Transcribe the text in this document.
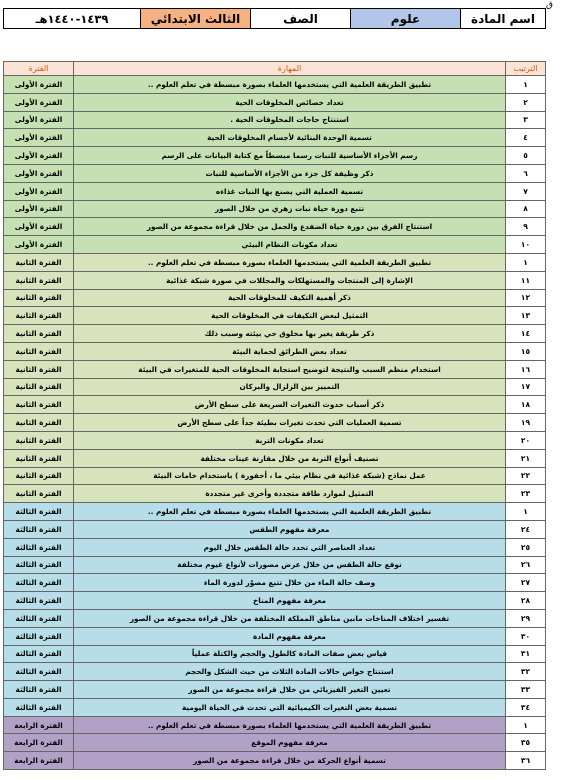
ق
اسم المادة	علوم	الصف	الثالث الابتدائي	١٤٣٩-١٤٤٠هـ
الترتيب	المهارة	الفترة
١	تطبيق الطريقة العلمية التي يستخدمها العلماء بصورة مبسطة في تعلم العلوم ..	الفترة الأولى
٢	تعداد خصائص المخلوقات الحية	الفترة الأولى
٣	استنتاج حاجات المخلوقات الحية .	الفترة الأولى
٤	تسمية الوحدة البنائية لأجسام المخلوقات الحية	الفترة الأولى
٥	رسم الأجزاء الأساسية للنبات رسما مبسطاً مع كتابة البيانات على الرسم	الفترة الأولى
٦	ذكر وظيفة كل جزء من الأجزاء الأساسية للنبات	الفترة الأولى
٧	تسمية العملية التي يصنع بها النبات غذاءه	الفترة الأولى
٨	تتبع دورة حياة نبات زهري من خلال الصور	الفترة الأولى
٩	استنتاج الفرق بين دورة حياة الضفدع والجمل من خلال قراءة مجموعة من الصور	الفترة الأولى
١٠	تعداد مكونات النظام البيئي	الفترة الأولى
١	تطبيق الطريقة العلمية التي يستخدمها العلماء بصورة مبسطة في تعلم العلوم ..	الفترة الثانية
١١	الإشارة إلى المنتجات والمستهلكات والمحللات في صورة شبكة غذائية	الفترة الثانية
١٢	ذكر أهمية التكيف للمخلوقات الحية	الفترة الثانية
١٣	التمثيل لبعض التكيفات في المخلوقات الحية	الفترة الثانية
١٤	ذكر طريقة يغير بها مخلوق حي بيئته وسبب ذلك	الفترة الثانية
١٥	تعداد بعض الطرائق لحماية البيئة	الفترة الثانية
١٦	استخدام منظم السبب والنتيجة لتوضيح استجابة المخلوقات الحية للمتغيرات في البيئة	الفترة الثانية
١٧	التمييز بين الزلزال والبركان	الفترة الثانية
١٨	ذكر أسباب حدوث التغيرات السريعة على سطح الأرض	الفترة الثانية
١٩	تسمية العمليات التي تحدث تغيرات بطيئة جداً على سطح الأرض	الفترة الثانية
٢٠	تعداد مكونات التربة	الفترة الثانية
٢١	تصنيف أنواع التربة من خلال مقارنة عينات مختلفة	الفترة الثانية
٢٢	عمل نماذج (شبكة غذائية في نظام بيئي ما ، أحفورة ) باستخدام خامات البيئة	الفترة الثانية
٢٣	التمثيل لموارد طاقة متجددة وأخرى غير متجددة	الفترة الثانية
١	تطبيق الطريقة العلمية التي يستخدمها العلماء بصورة مبسطة في تعلم العلوم ..	الفترة الثالثة
٢٤	معرفة مفهوم الطقس	الفترة الثالثة
٢٥	تعداد العناصر التي تحدد حالة الطقس خلال اليوم	الفترة الثالثة
٢٦	توقع حالة الطقس من خلال عرض مصورات لأنواع غيوم مختلفة	الفترة الثالثة
٢٧	وصف حالة الماء من خلال تتبع مصوّر لدورة الماء	الفترة الثالثة
٢٨	معرفة مفهوم المناخ	الفترة الثالثة
٢٩	تفسير اختلاف المناخات مابين مناطق المملكة المختلفة من خلال قراءة مجموعة من الصور	الفترة الثالثة
٣٠	معرفة مفهوم المادة	الفترة الثالثة
٣١	قياس بعض صفات المادة كالطول والحجم والكتلة عملياً	الفترة الثالثة
٣٢	استنتاج خواص حالات المادة الثلاث من حيث الشكل والحجم	الفترة الثالثة
٣٣	تعيين التغير الفيزيائي من خلال قراءة مجموعة من الصور	الفترة الثالثة
٣٤	تسمية بعض التغيرات الكيميائية التي تحدث في الحياة اليومية	الفترة الثالثة
١	تطبيق الطريقة العلمية التي يستخدمها العلماء بصورة مبسطة في تعلم العلوم ..	الفترة الرابعة
٣٥	معرفة مفهوم الموقع	الفترة الرابعة
٣٦	تسمية أنواع الحركة من خلال قراءة مجموعة من الصور	الفترة الرابعة
